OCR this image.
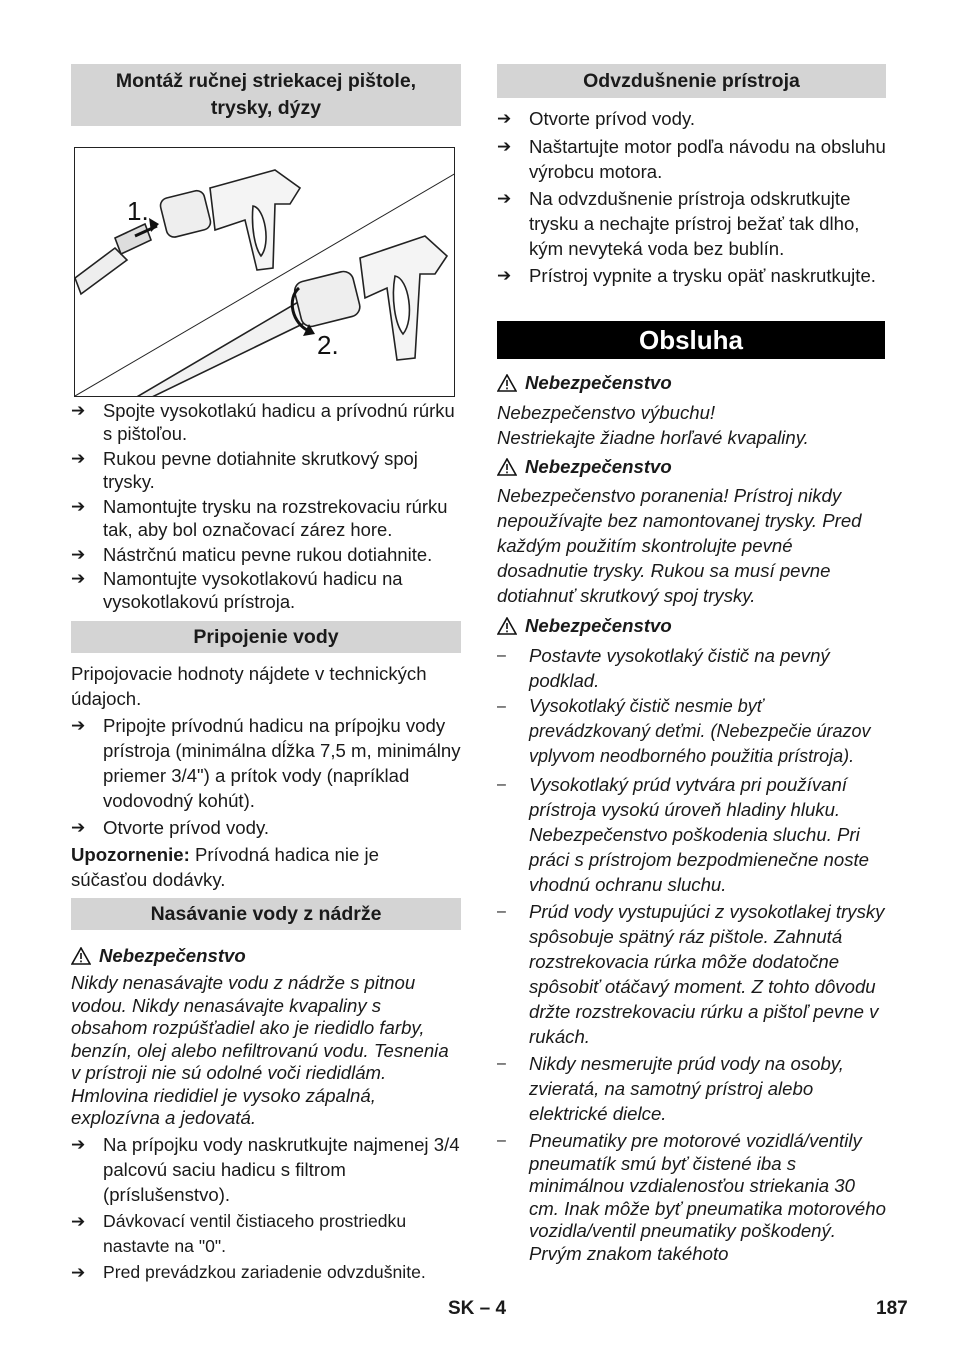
Montáž ručnej striekacej pištole, trysky, dýzy
1.
2.
➔ Spojte vysokotlakú hadicu a prívodnú rúrku s pištoľou.
➔ Rukou pevne dotiahnite skrutkový spoj trysky.
➔ Namontujte trysku na rozstrekovaciu rúrku tak, aby bol označovací zárez hore.
➔ Nástrčnú maticu pevne rukou dotiahnite.
➔ Namontujte vysokotlakovú hadicu na vysokotlakovú prístroja.
Pripojenie vody
Pripojovacie hodnoty nájdete v technických údajoch.
➔ Pripojte prívodnú hadicu na prípojku vody prístroja (minimálna dĺžka 7,5 m, minimálny priemer 3/4") a prítok vody (napríklad vodovodný kohút).
➔ Otvorte prívod vody.
Upozornenie: Prívodná hadica nie je súčasťou dodávky.
Nasávanie vody z nádrže
Nebezpečenstvo
Nikdy nenasávajte vodu z nádrže s pitnou vodou. Nikdy nenasávajte kvapaliny s obsahom rozpúšťadiel ako je riedidlo farby, benzín, olej alebo nefiltrovanú vodu. Tesnenia v prístroji nie sú odolné voči riedidlám. Hmlovina riedidiel je vysoko zápalná, explozívna a jedovatá.
➔ Na prípojku vody naskrutkujte najmenej 3/4 palcovú saciu hadicu s filtrom (príslušenstvo).
➔ Dávkovací ventil čistiaceho prostriedku nastavte na "0".
➔ Pred prevádzkou zariadenie odvzdušnite.
Odvzdušnenie prístroja
➔ Otvorte prívod vody.
➔ Naštartujte motor podľa návodu na obsluhu výrobcu motora.
➔ Na odvzdušnenie prístroja odskrutkujte trysku a nechajte prístroj bežať tak dlho, kým nevyteká voda bez bublín.
➔ Prístroj vypnite a trysku opäť naskrutkujte.
Obsluha
Nebezpečenstvo
Nebezpečenstvo výbuchu!
Nestriekajte žiadne horľavé kvapaliny.
Nebezpečenstvo
Nebezpečenstvo poranenia! Prístroj nikdy nepoužívajte bez namontovanej trysky. Pred každým použitím skontrolujte pevné dosadnutie trysky. Rukou sa musí pevne dotiahnuť skrutkový spoj trysky.
Nebezpečenstvo
– Postavte vysokotlaký čistič na pevný podklad.
– Vysokotlaký čistič nesmie byť prevádzkovaný deťmi. (Nebezpečie úrazov vplyvom neodborného použitia prístroja).
– Vysokotlaký prúd vytvára pri používaní prístroja vysokú úroveň hladiny hluku. Nebezpečenstvo poškodenia sluchu. Pri práci s prístrojom bezpodmienečne noste vhodnú ochranu sluchu.
– Prúd vody vystupujúci z vysokotlakej trysky spôsobuje spätný ráz pištole. Zahnutá rozstrekovacia rúrka môže dodatočne spôsobiť otáčavý moment. Z tohto dôvodu držte rozstrekovaciu rúrku a pištoľ pevne v rukách.
– Nikdy nesmerujte prúd vody na osoby, zvieratá, na samotný prístroj alebo elektrické dielce.
– Pneumatiky pre motorové vozidlá/ventily pneumatík smú byť čistené iba s minimálnou vzdialenosťou striekania 30 cm. Inak môže byť pneumatika motorového vozidla/ventil pneumatiky poškodený. Prvým znakom takéhoto
SK – 4	187
